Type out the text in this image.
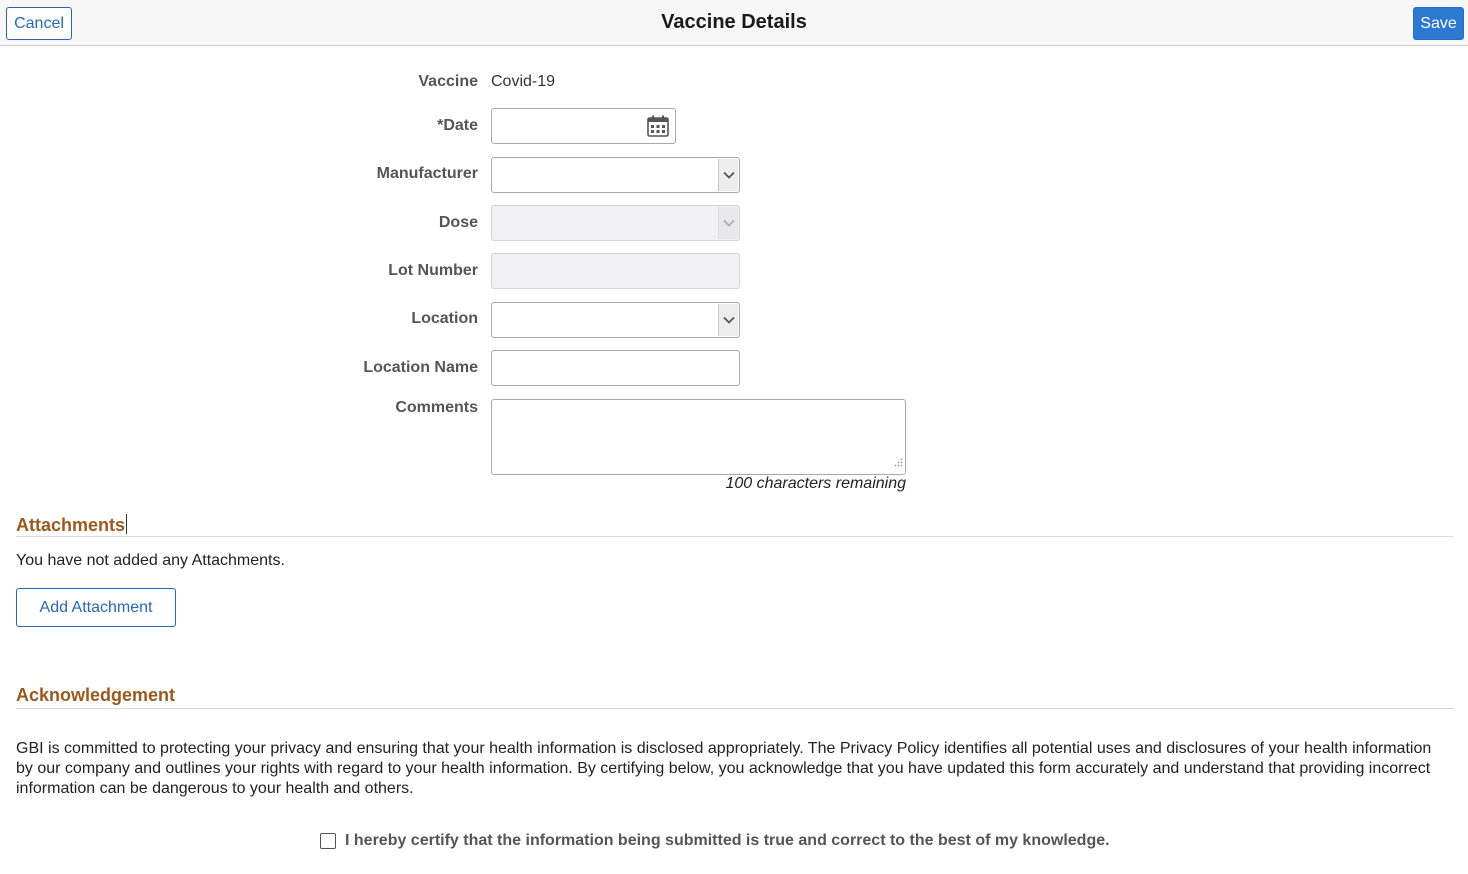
Vaccine Details
Cancel	Save
Vaccine Covid-19
*Date
Manufacturer
Dose
Lot Number
Location
Location Name
Comments
100 characters remaining
Attachments
You have not added any Attachments.
Add Attachment
Acknowledgement
GBI is committed to protecting your privacy and ensuring that your health information is disclosed appropriately. The Privacy Policy identifies all potential uses and disclosures of your health information by our company and outlines your rights with regard to your health information. By certifying below, you acknowledge that you have updated this form accurately and understand that providing incorrect information can be dangerous to your health and others.
I hereby certify that the information being submitted is true and correct to the best of my knowledge.
